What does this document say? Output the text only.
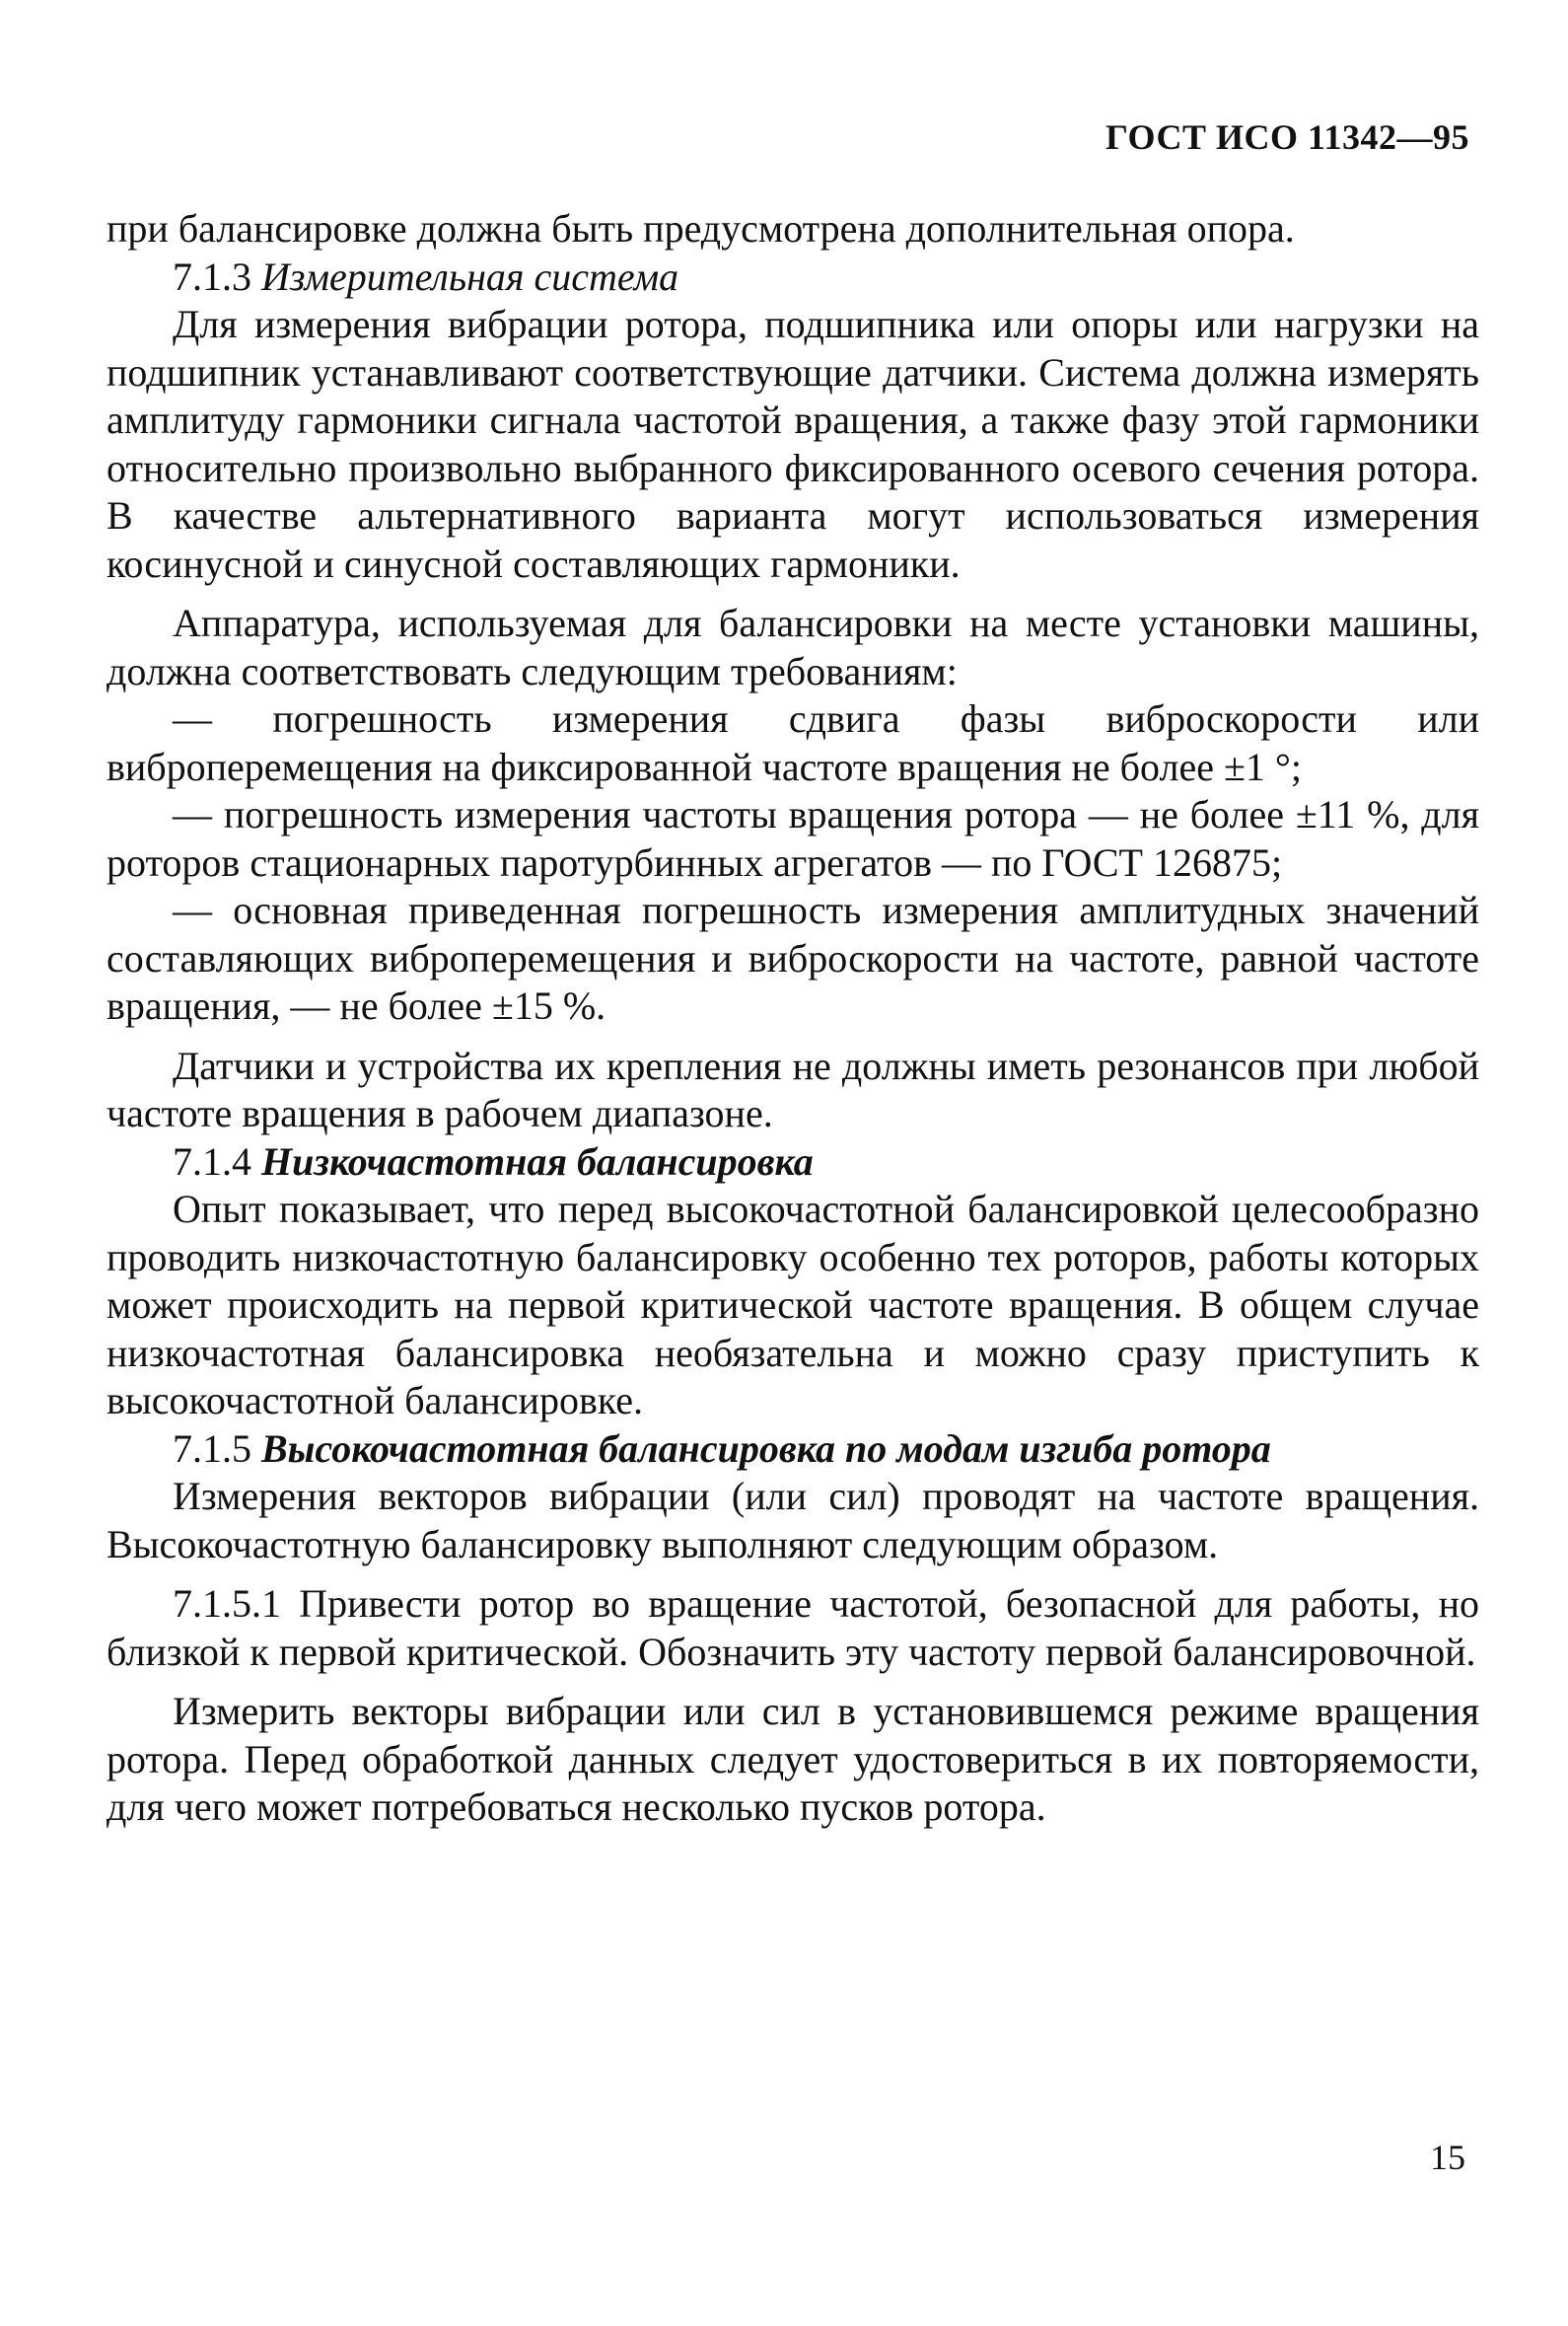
ГОСТ ИСО 11342—95

при балансировке должна быть предусмотрена дополнительная опора.

7.1.3 Измерительная система

Для измерения вибрации ротора, подшипника или опоры или нагрузки на подшипник устанавливают соответствующие датчики. Система должна измерять амплитуду гармоники сигнала частотой вращения, а также фазу этой гармоники относительно произвольно выбранного фиксированного осевого сечения ротора. В качестве альтернативного варианта могут использоваться измерения косинусной и синусной составляющих гармоники.

Аппаратура, используемая для балансировки на месте установки машины, должна соответствовать следующим требованиям:

— погрешность измерения сдвига фазы виброскорости или виброперемещения на фиксированной частоте вращения не более ±1 °;

— погрешность измерения частоты вращения ротора — не более ±11 %, для роторов стационарных паротурбинных агрегатов — по ГОСТ 126875;

— основная приведенная погрешность измерения амплитудных значений составляющих виброперемещения и виброскорости на частоте, равной частоте вращения, — не более ±15 %.

Датчики и устройства их крепления не должны иметь резонансов при любой частоте вращения в рабочем диапазоне.

7.1.4 Низкочастотная балансировка

Опыт показывает, что перед высокочастотной балансировкой целесообразно проводить низкочастотную балансировку особенно тех роторов, работы которых может происходить на первой критической частоте вращения. В общем случае низкочастотная балансировка необязательна и можно сразу приступить к высокочастотной балансировке.

7.1.5 Высокочастотная балансировка по модам изгиба ротора

Измерения векторов вибрации (или сил) проводят на частоте вращения. Высокочастотную балансировку выполняют следующим образом.

7.1.5.1 Привести ротор во вращение частотой, безопасной для работы, но близкой к первой критической. Обозначить эту частоту первой балансировочной.

Измерить векторы вибрации или сил в установившемся режиме вращения ротора. Перед обработкой данных следует удостовериться в их повторяемости, для чего может потребоваться несколько пусков ротора.

15
